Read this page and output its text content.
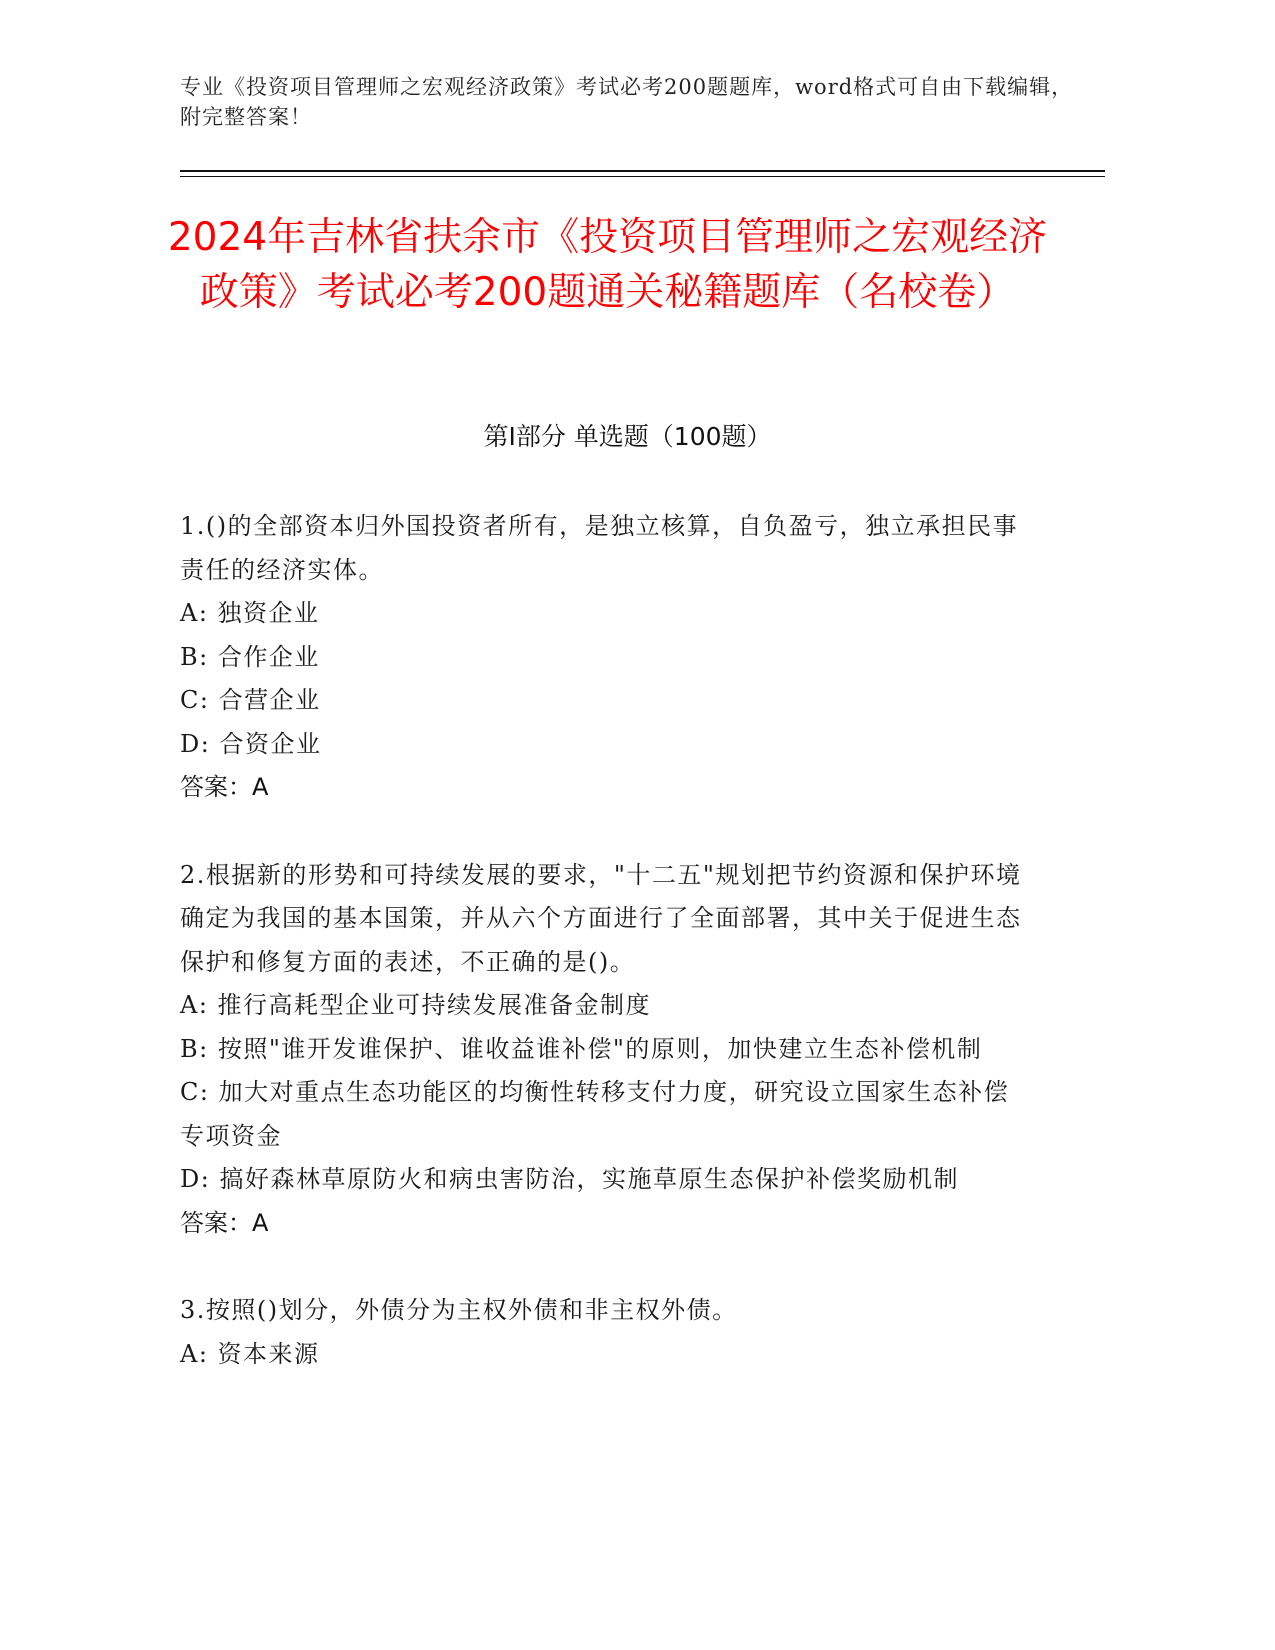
专业《投资项目管理师之宏观经济政策》考试必考200题题库，word格式可自由下载编辑，附完整答案！
2024年吉林省扶余市《投资项目管理师之宏观经济政策》考试必考200题通关秘籍题库（名校卷）
第I部分 单选题（100题）

1.()的全部资本归外国投资者所有，是独立核算，自负盈亏，独立承担民事责任的经济实体。

A: 独资企业

B: 合作企业

C: 合营企业

D: 合资企业

答案：A

2.根据新的形势和可持续发展的要求，"十二五"规划把节约资源和保护环境确定为我国的基本国策，并从六个方面进行了全面部署，其中关于促进生态保护和修复方面的表述，不正确的是()。

A: 推行高耗型企业可持续发展准备金制度

B: 按照"谁开发谁保护、谁收益谁补偿"的原则，加快建立生态补偿机制

C: 加大对重点生态功能区的均衡性转移支付力度，研究设立国家生态补偿专项资金

D: 搞好森林草原防火和病虫害防治，实施草原生态保护补偿奖励机制

答案：A

3.按照()划分，外债分为主权外债和非主权外债。

A: 资本来源
